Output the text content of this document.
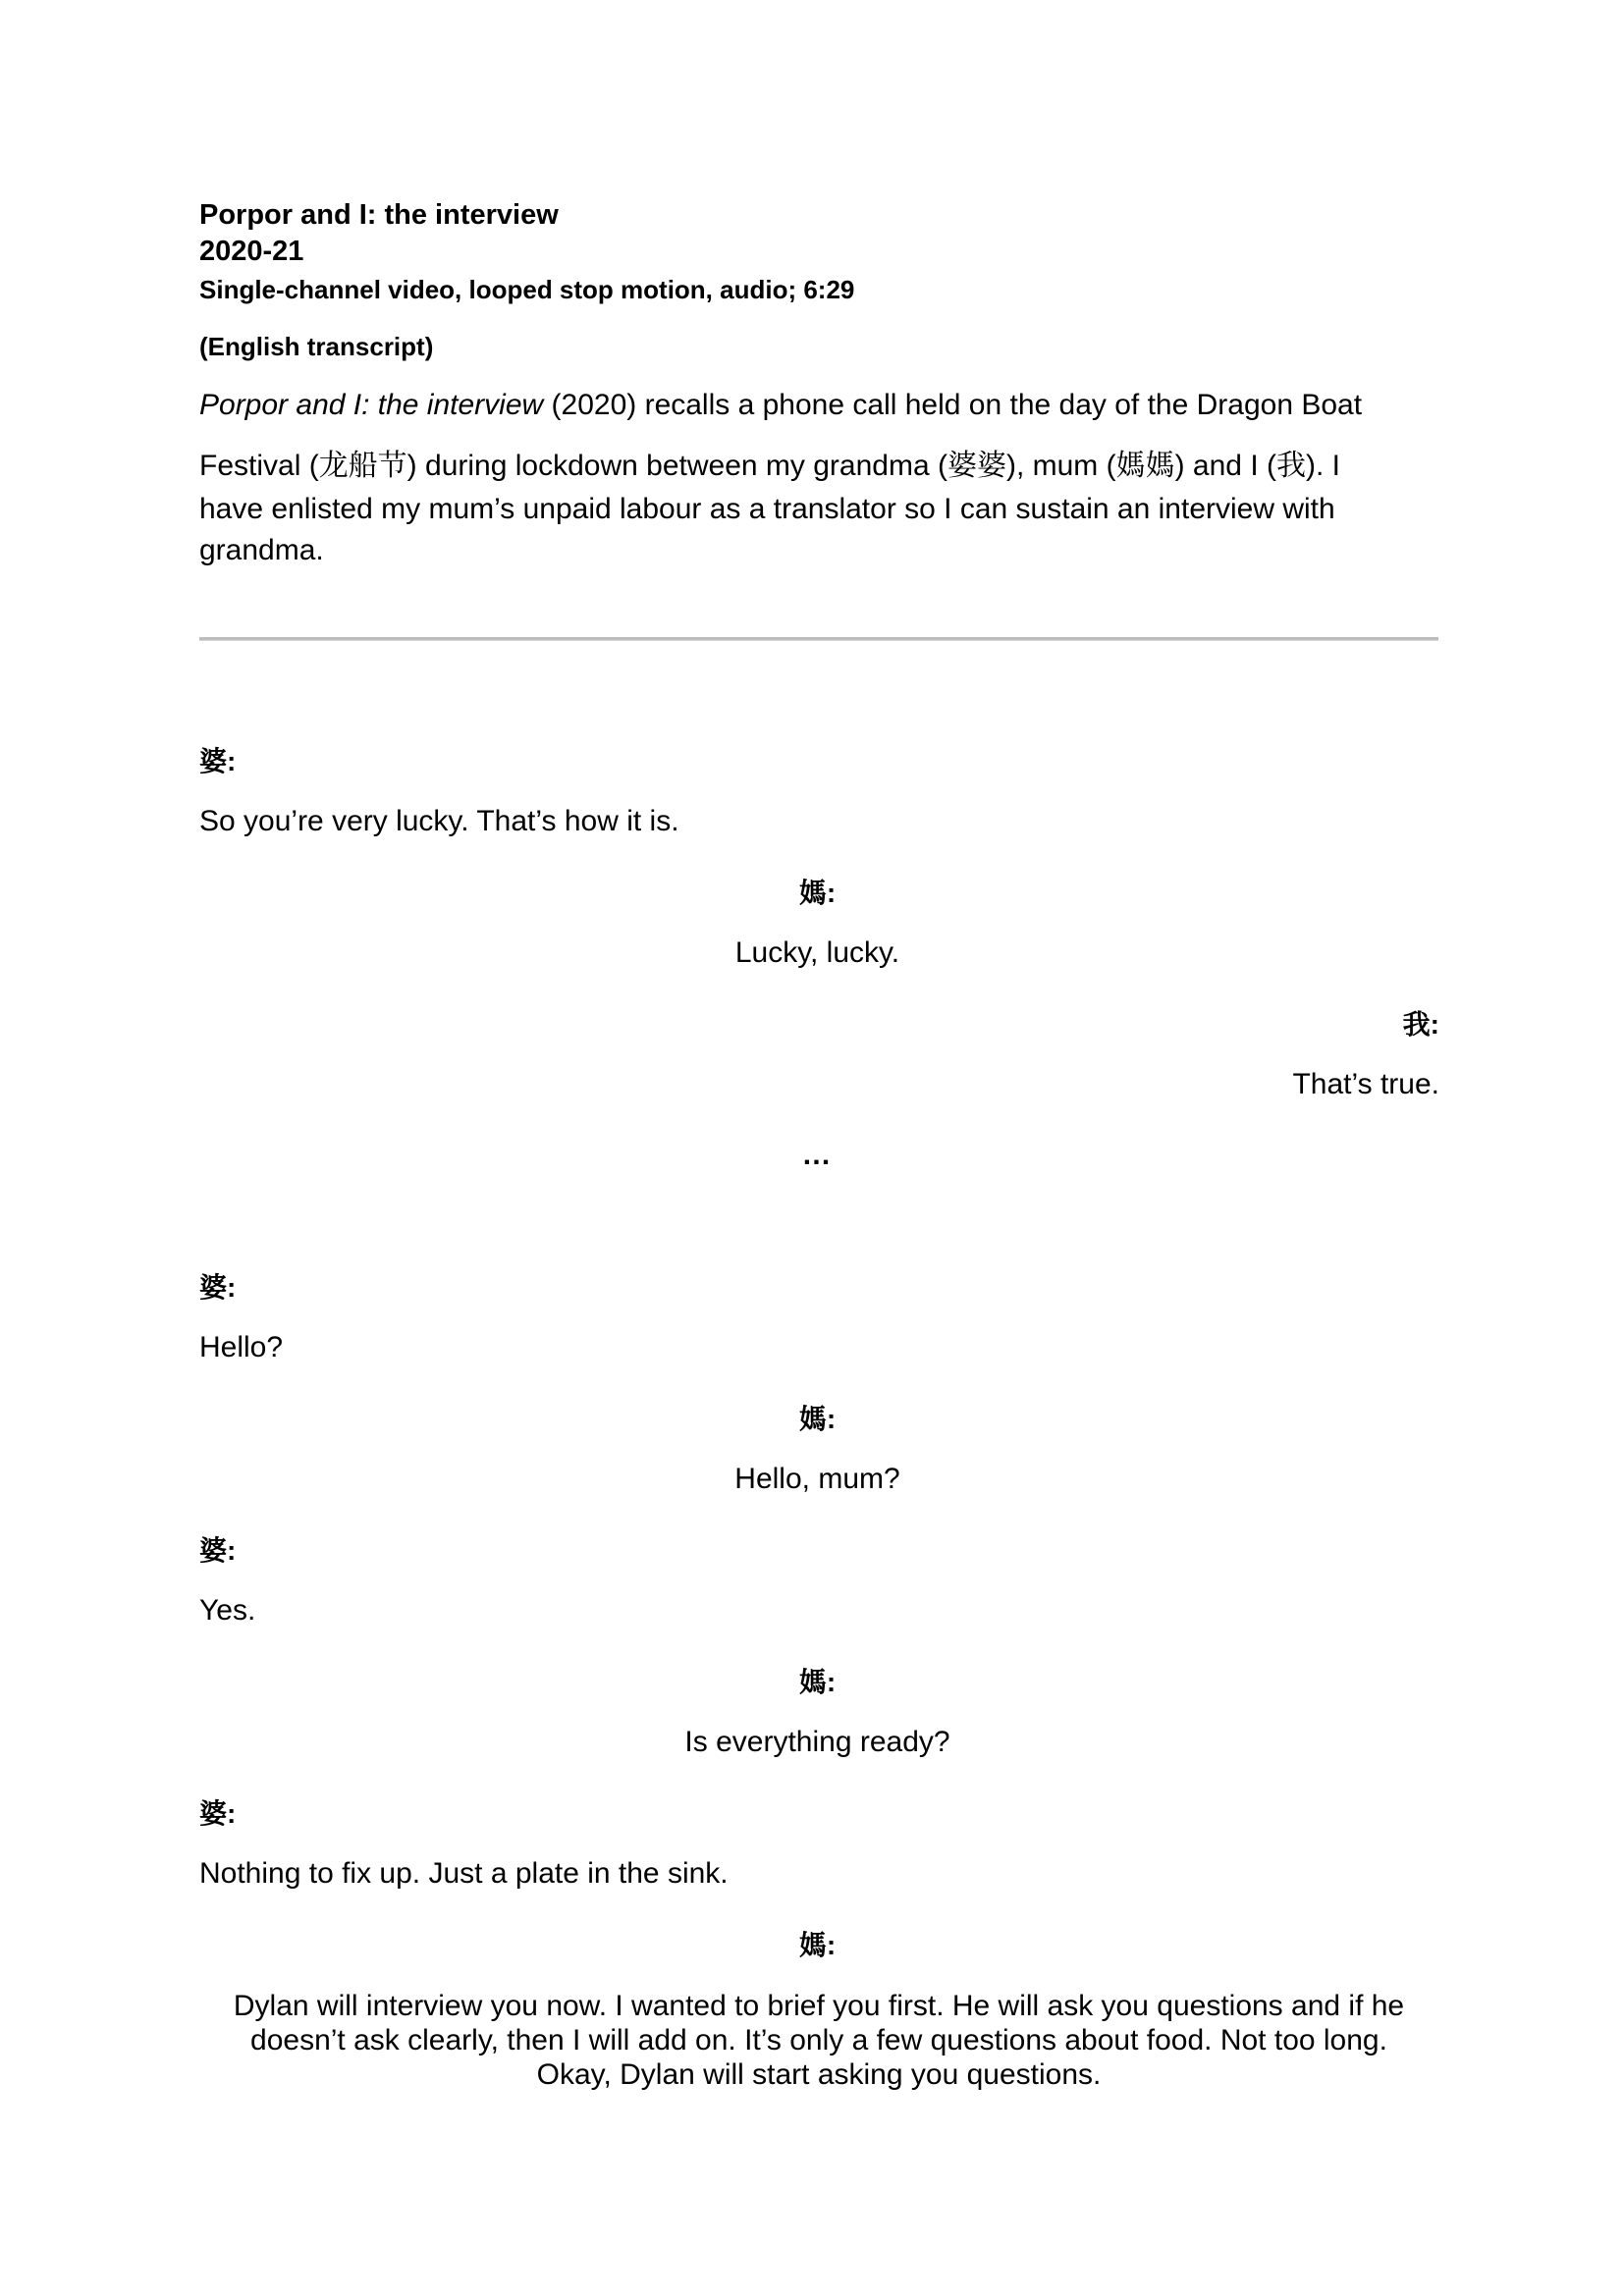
Porpor and I: the interview
2020-21
Single-channel video, looped stop motion, audio; 6:29
(English transcript)
Porpor and I: the interview (2020) recalls a phone call held on the day of the Dragon Boat
Festival (龙船节) during lockdown between my grandma (婆婆), mum (媽媽) and I (我). I
have enlisted my mum’s unpaid labour as a translator so I can sustain an interview with
grandma.
婆:
So you’re very lucky. That’s how it is.
媽:
Lucky, lucky.
我:
That’s true.
…
婆:
Hello?
媽:
Hello, mum?
婆:
Yes.
媽:
Is everything ready?
婆:
Nothing to fix up. Just a plate in the sink.
媽:
Dylan will interview you now. I wanted to brief you first. He will ask you questions and if he
doesn’t ask clearly, then I will add on. It’s only a few questions about food. Not too long.
Okay, Dylan will start asking you questions.
